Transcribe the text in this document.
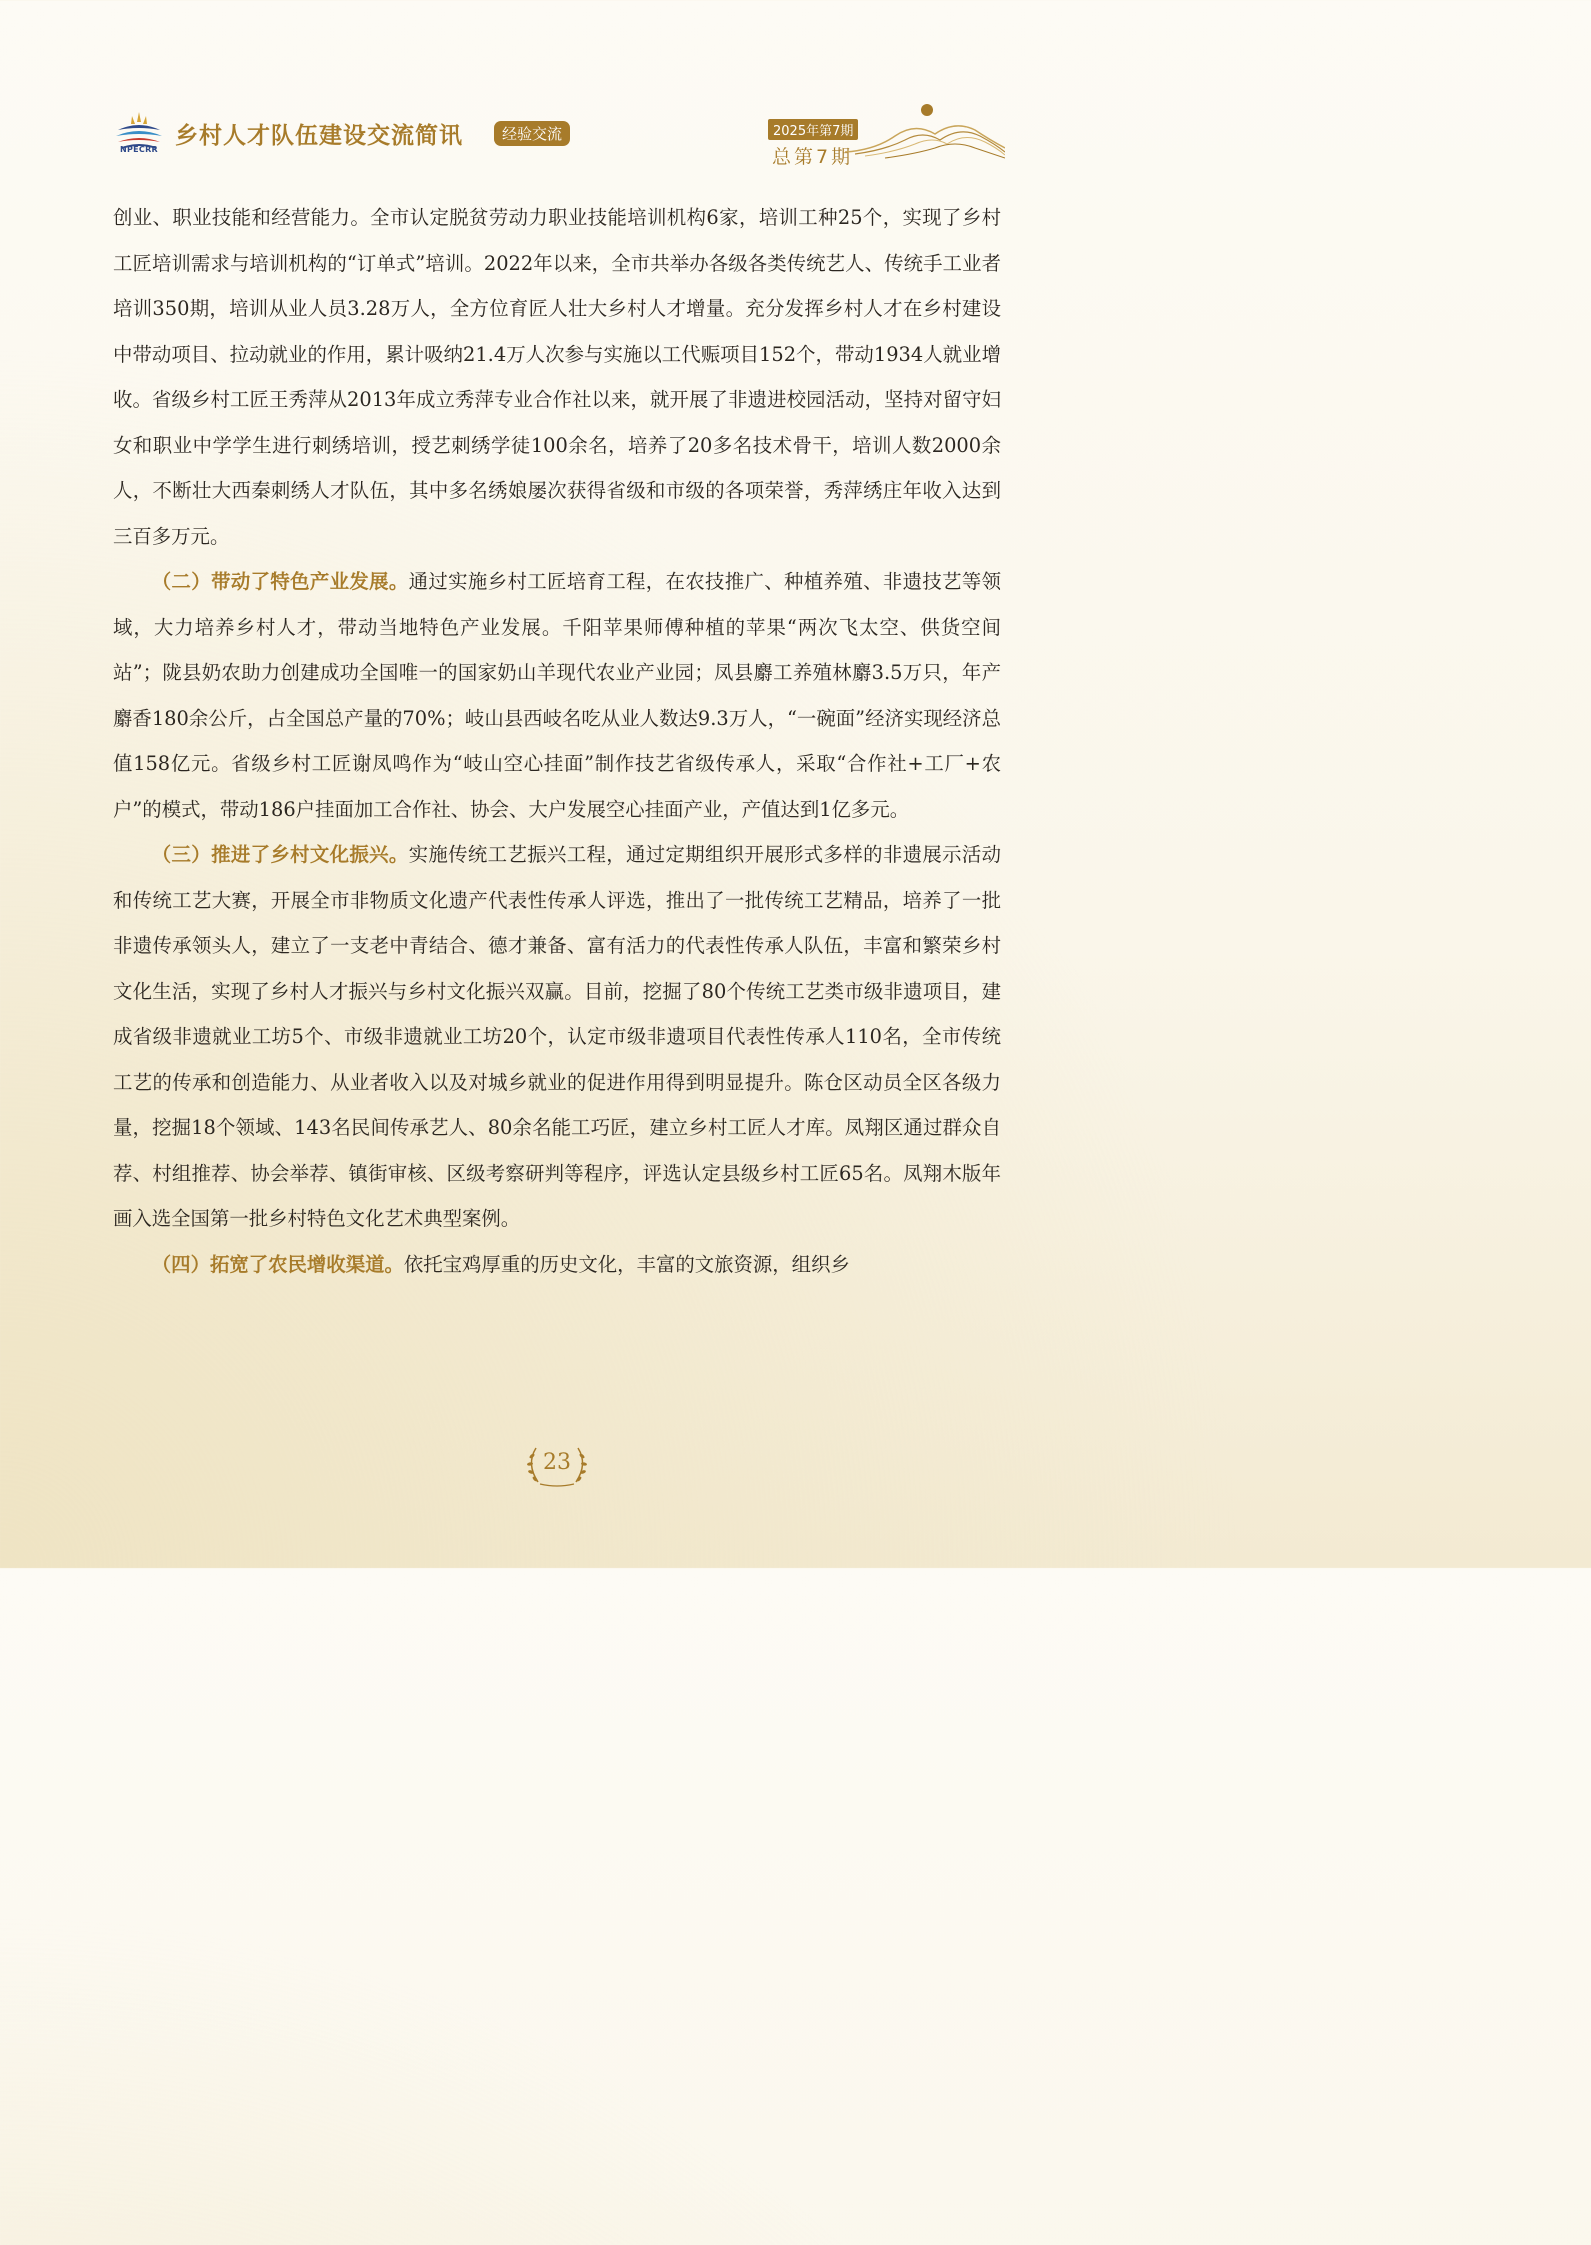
NPECRR
乡村人才队伍建设交流简讯	经验交流	2025年第7期
总第7期

创业、职业技能和经营能力。全市认定脱贫劳动力职业技能培训机构6家，培训工种25个，实现了乡村工匠培训需求与培训机构的“订单式”培训。2022年以来，全市共举办各级各类传统艺人、传统手工业者培训350期，培训从业人员3.28万人，全方位育匠人壮大乡村人才增量。充分发挥乡村人才在乡村建设中带动项目、拉动就业的作用，累计吸纳21.4万人次参与实施以工代赈项目152个，带动1934人就业增收。省级乡村工匠王秀萍从2013年成立秀萍专业合作社以来，就开展了非遗进校园活动，坚持对留守妇女和职业中学学生进行刺绣培训，授艺刺绣学徒100余名，培养了20多名技术骨干，培训人数2000余人，不断壮大西秦刺绣人才队伍，其中多名绣娘屡次获得省级和市级的各项荣誉，秀萍绣庄年收入达到三百多万元。

（二）带动了特色产业发展。通过实施乡村工匠培育工程，在农技推广、种植养殖、非遗技艺等领域，大力培养乡村人才，带动当地特色产业发展。千阳苹果师傅种植的苹果“两次飞太空、供货空间站”；陇县奶农助力创建成功全国唯一的国家奶山羊现代农业产业园；凤县麝工养殖林麝3.5万只，年产麝香180余公斤，占全国总产量的70%；岐山县西岐名吃从业人数达9.3万人，“一碗面”经济实现经济总值158亿元。省级乡村工匠谢凤鸣作为“岐山空心挂面”制作技艺省级传承人，采取“合作社+工厂+农户”的模式，带动186户挂面加工合作社、协会、大户发展空心挂面产业，产值达到1亿多元。

（三）推进了乡村文化振兴。实施传统工艺振兴工程，通过定期组织开展形式多样的非遗展示活动和传统工艺大赛，开展全市非物质文化遗产代表性传承人评选，推出了一批传统工艺精品，培养了一批非遗传承领头人，建立了一支老中青结合、德才兼备、富有活力的代表性传承人队伍，丰富和繁荣乡村文化生活，实现了乡村人才振兴与乡村文化振兴双赢。目前，挖掘了80个传统工艺类市级非遗项目，建成省级非遗就业工坊5个、市级非遗就业工坊20个，认定市级非遗项目代表性传承人110名，全市传统工艺的传承和创造能力、从业者收入以及对城乡就业的促进作用得到明显提升。陈仓区动员全区各级力量，挖掘18个领域、143名民间传承艺人、80余名能工巧匠，建立乡村工匠人才库。凤翔区通过群众自荐、村组推荐、协会举荐、镇街审核、区级考察研判等程序，评选认定县级乡村工匠65名。凤翔木版年画入选全国第一批乡村特色文化艺术典型案例。

（四）拓宽了农民增收渠道。依托宝鸡厚重的历史文化，丰富的文旅资源，组织乡

23
